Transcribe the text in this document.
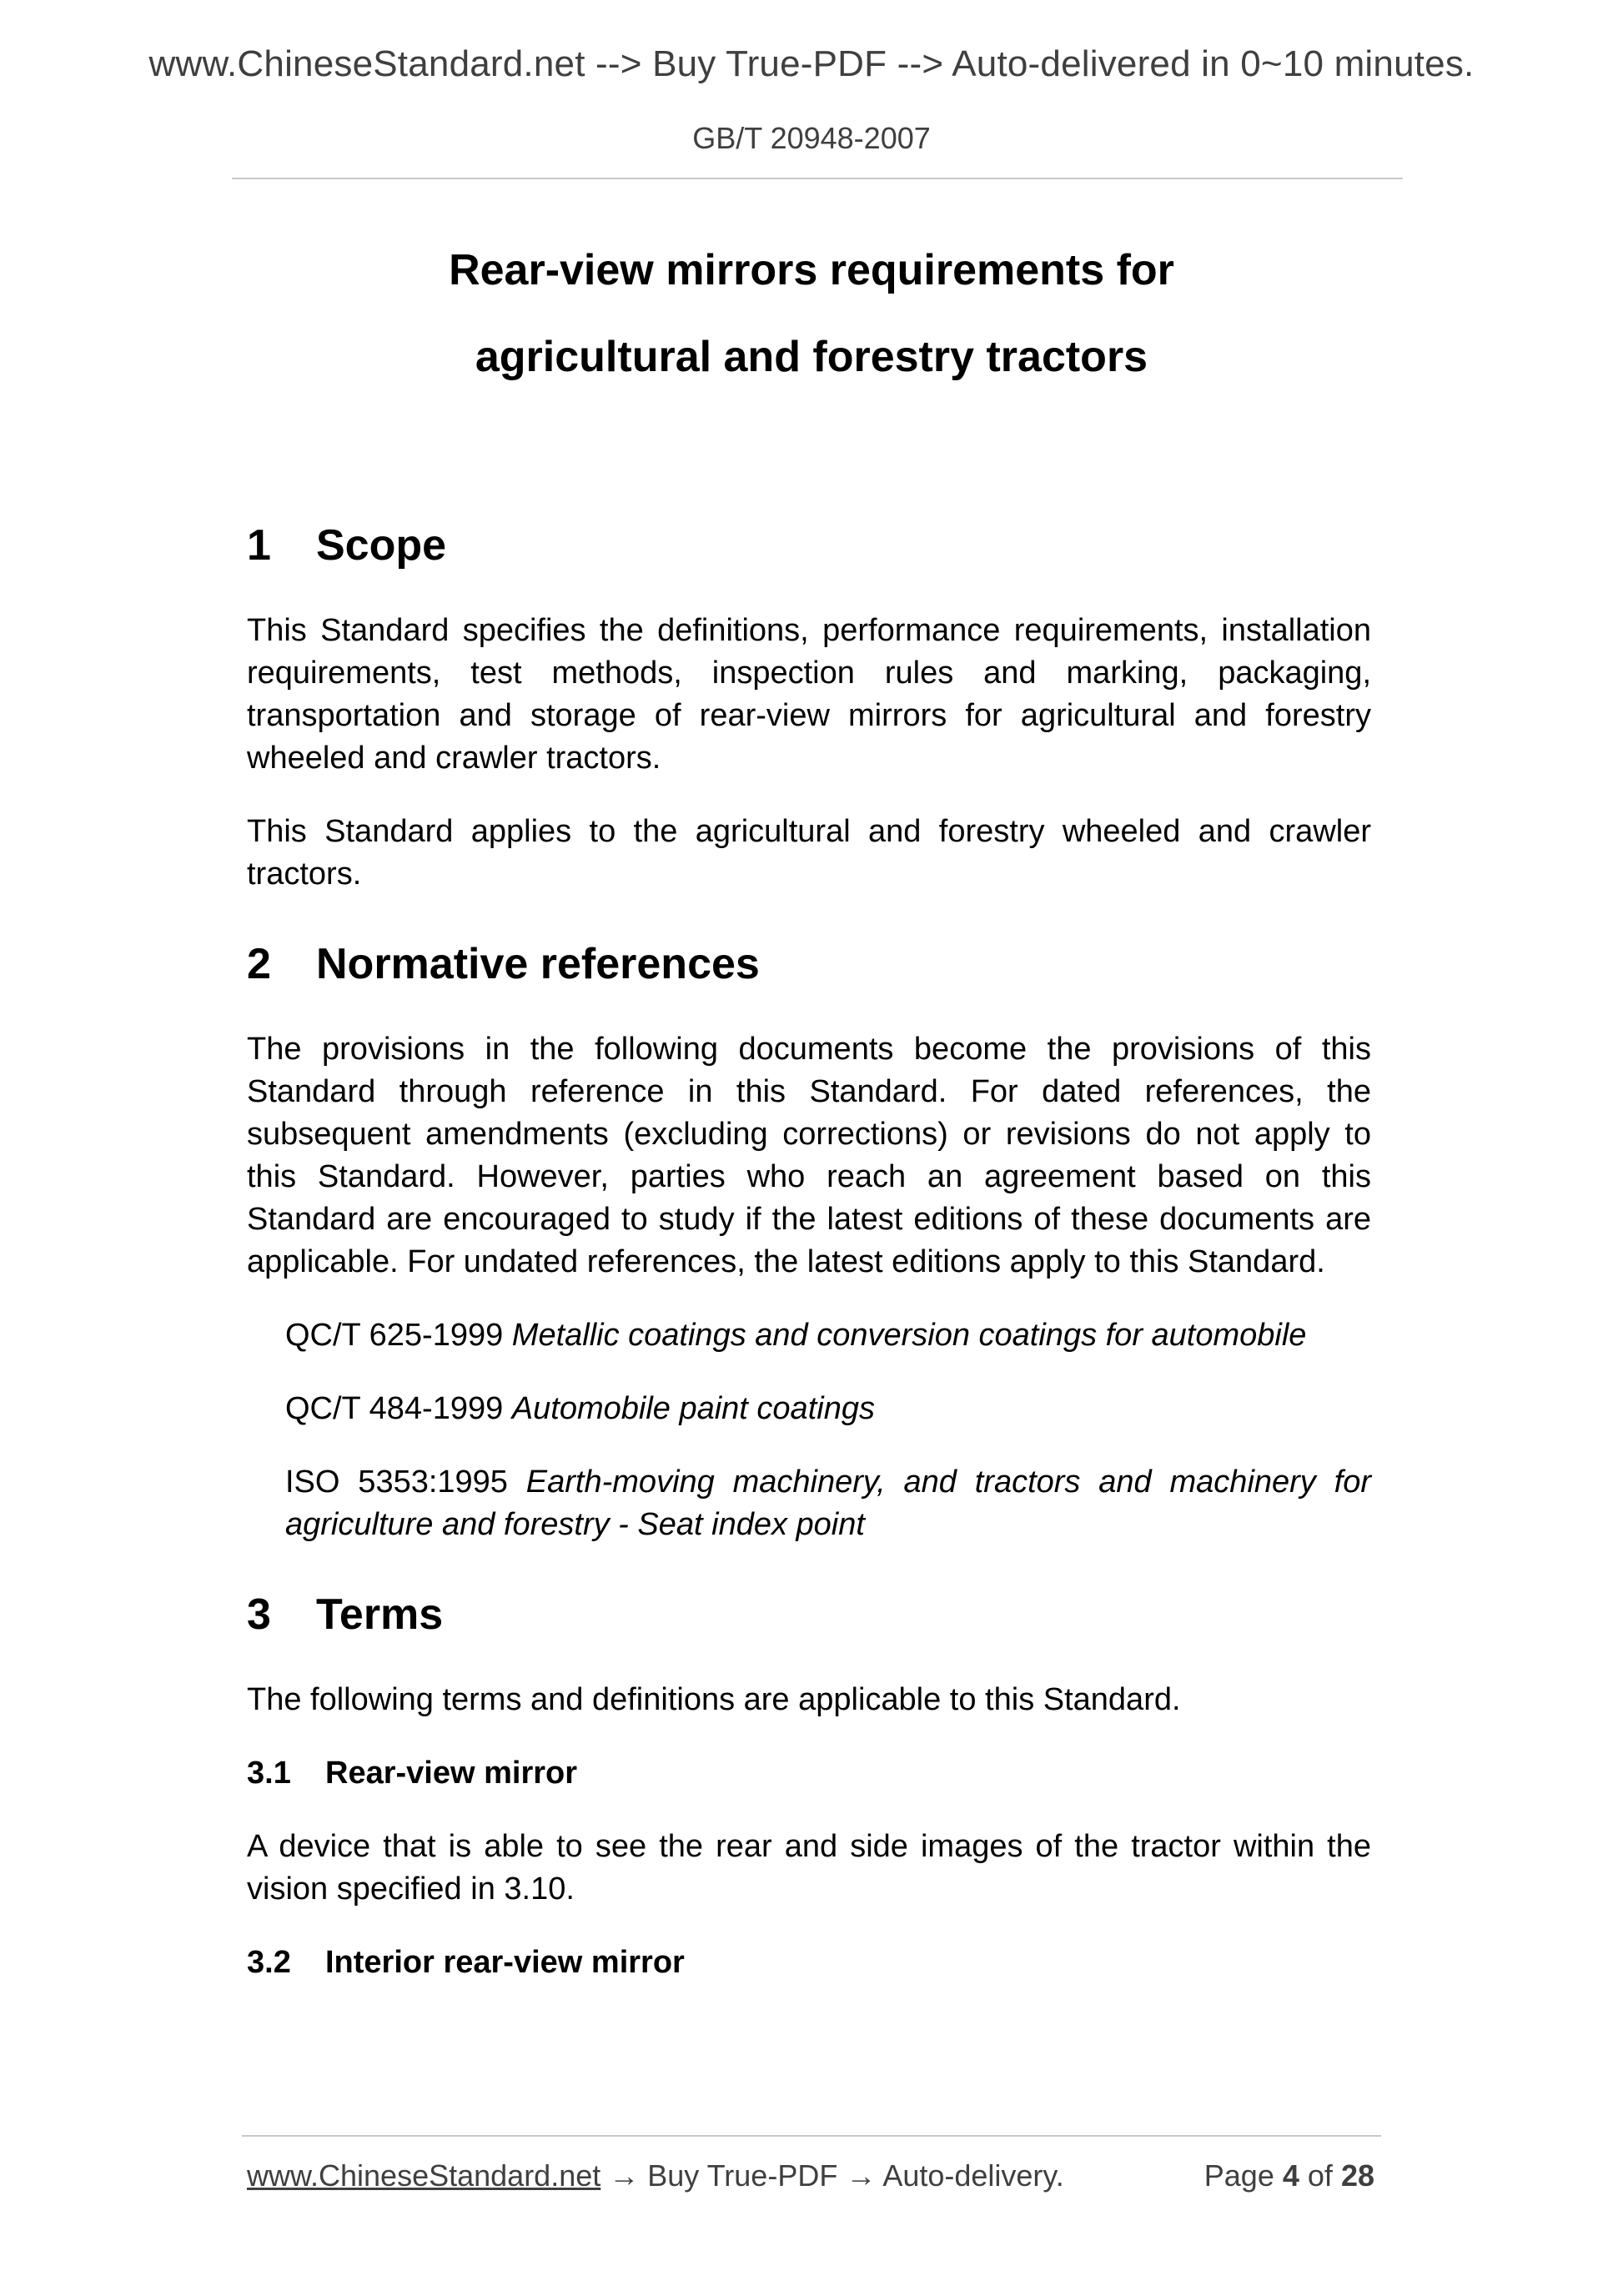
www.ChineseStandard.net --> Buy True-PDF --> Auto-delivered in 0~10 minutes.
GB/T 20948-2007
Rear-view mirrors requirements for
agricultural and forestry tractors
1	Scope

This Standard specifies the definitions, performance requirements, installation requirements, test methods, inspection rules and marking, packaging, transportation and storage of rear-view mirrors for agricultural and forestry wheeled and crawler tractors.

This Standard applies to the agricultural and forestry wheeled and crawler tractors.

2	Normative references

The provisions in the following documents become the provisions of this Standard through reference in this Standard. For dated references, the subsequent amendments (excluding corrections) or revisions do not apply to this Standard. However, parties who reach an agreement based on this Standard are encouraged to study if the latest editions of these documents are applicable. For undated references, the latest editions apply to this Standard.

QC/T 625-1999 Metallic coatings and conversion coatings for automobile

QC/T 484-1999 Automobile paint coatings

ISO 5353:1995 Earth-moving machinery, and tractors and machinery for agriculture and forestry - Seat index point

3	Terms

The following terms and definitions are applicable to this Standard.

3.1	Rear-view mirror

A device that is able to see the rear and side images of the tractor within the vision specified in 3.10.

3.2	Interior rear-view mirror
www.ChineseStandard.net → Buy True-PDF → Auto-delivery.	Page 4 of 28
